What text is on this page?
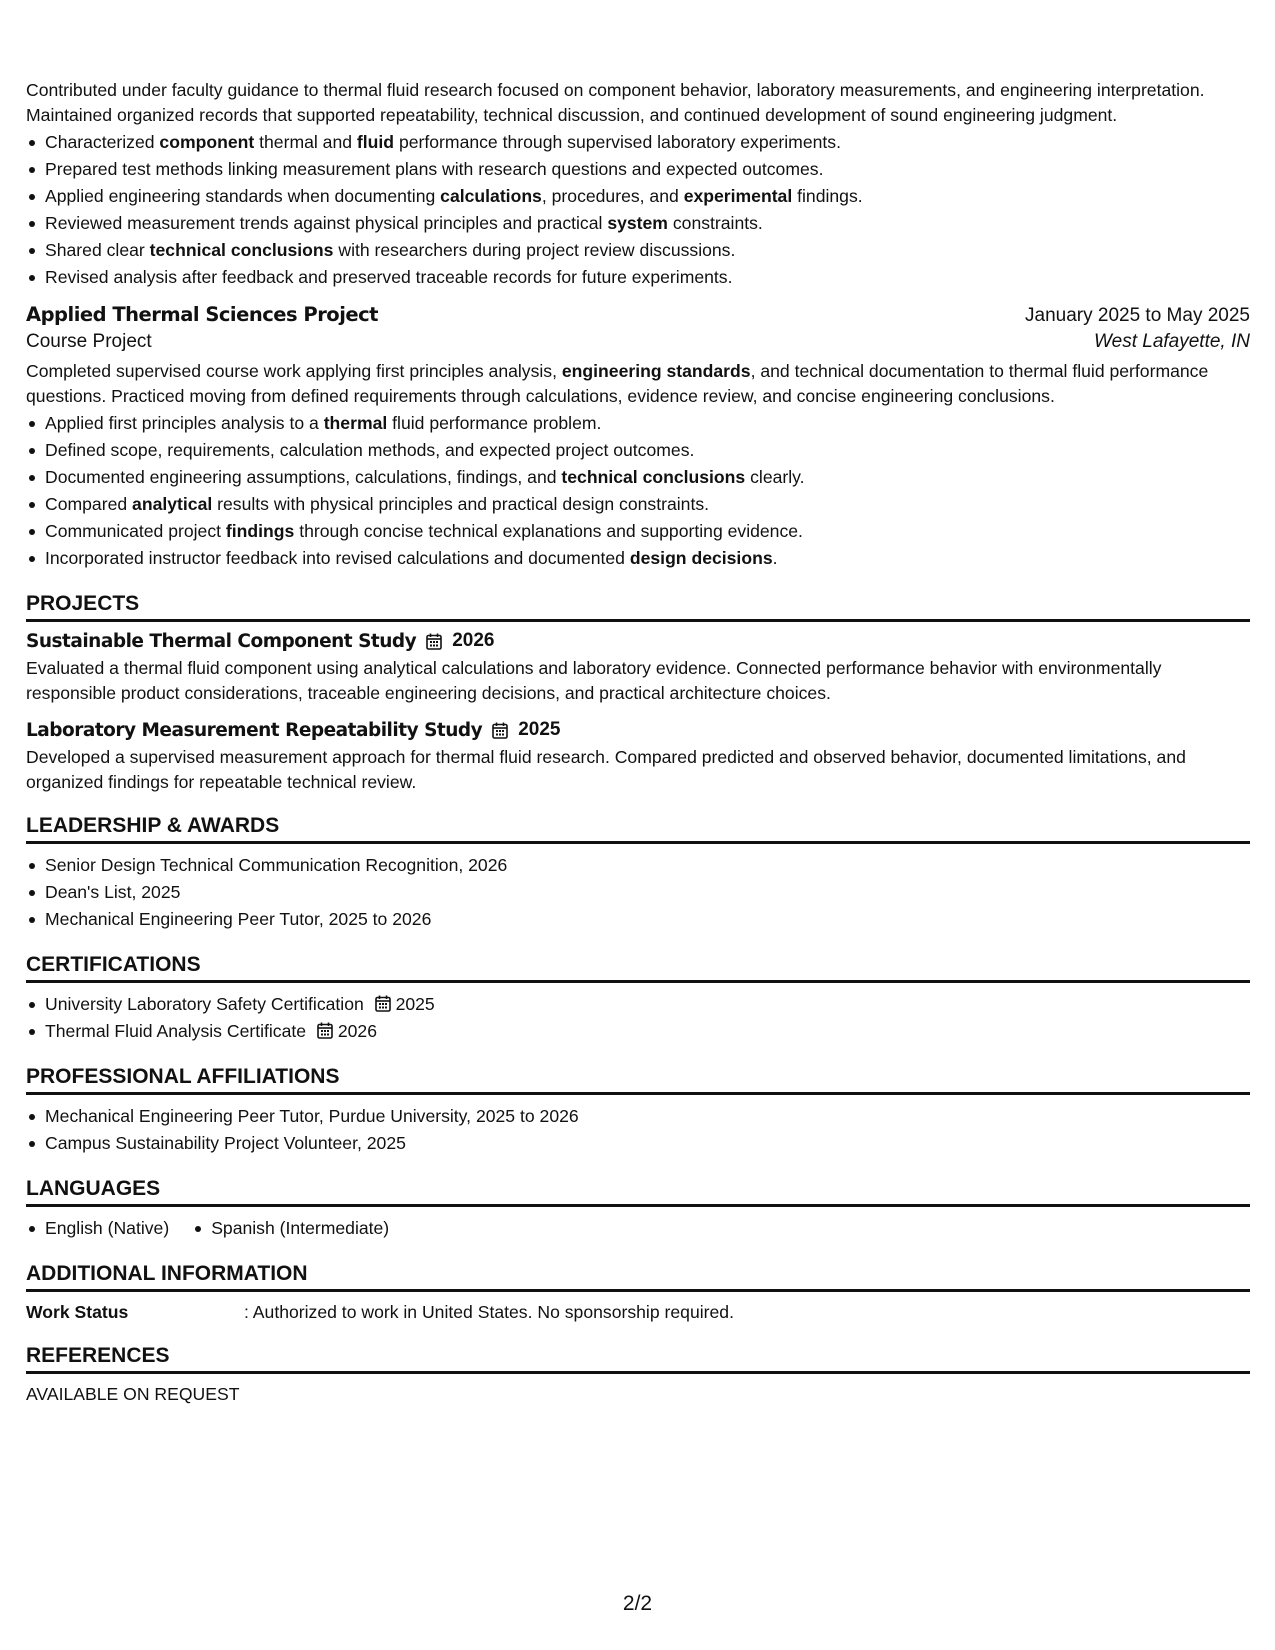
Contributed under faculty guidance to thermal fluid research focused on component behavior, laboratory measurements, and engineering interpretation. Maintained organized records that supported repeatability, technical discussion, and continued development of sound engineering judgment.

Characterized component thermal and fluid performance through supervised laboratory experiments.
Prepared test methods linking measurement plans with research questions and expected outcomes.
Applied engineering standards when documenting calculations, procedures, and experimental findings.
Reviewed measurement trends against physical principles and practical system constraints.
Shared clear technical conclusions with researchers during project review discussions.
Revised analysis after feedback and preserved traceable records for future experiments.
Applied Thermal Sciences Project	January 2025 to May 2025
Course Project	West Lafayette, IN

Completed supervised course work applying first principles analysis, engineering standards, and technical documentation to thermal fluid performance questions. Practiced moving from defined requirements through calculations, evidence review, and concise engineering conclusions.

Applied first principles analysis to a thermal fluid performance problem.
Defined scope, requirements, calculation methods, and expected project outcomes.
Documented engineering assumptions, calculations, findings, and technical conclusions clearly.
Compared analytical results with physical principles and practical design constraints.
Communicated project findings through concise technical explanations and supporting evidence.
Incorporated instructor feedback into revised calculations and documented design decisions.
PROJECTS
Sustainable Thermal Component Study 2026

Evaluated a thermal fluid component using analytical calculations and laboratory evidence. Connected performance behavior with environmentally responsible product considerations, traceable engineering decisions, and practical architecture choices.

Laboratory Measurement Repeatability Study 2025

Developed a supervised measurement approach for thermal fluid research. Compared predicted and observed behavior, documented limitations, and organized findings for repeatable technical review.

LEADERSHIP & AWARDS
Senior Design Technical Communication Recognition, 2026
Dean's List, 2025
Mechanical Engineering Peer Tutor, 2025 to 2026
CERTIFICATIONS
University Laboratory Safety Certification 2025
Thermal Fluid Analysis Certificate 2026
PROFESSIONAL AFFILIATIONS
Mechanical Engineering Peer Tutor, Purdue University, 2025 to 2026
Campus Sustainability Project Volunteer, 2025
LANGUAGES
English (Native) Spanish (Intermediate)
ADDITIONAL INFORMATION
Work Status	: Authorized to work in United States. No sponsorship required.
REFERENCES
AVAILABLE ON REQUEST
2/2
